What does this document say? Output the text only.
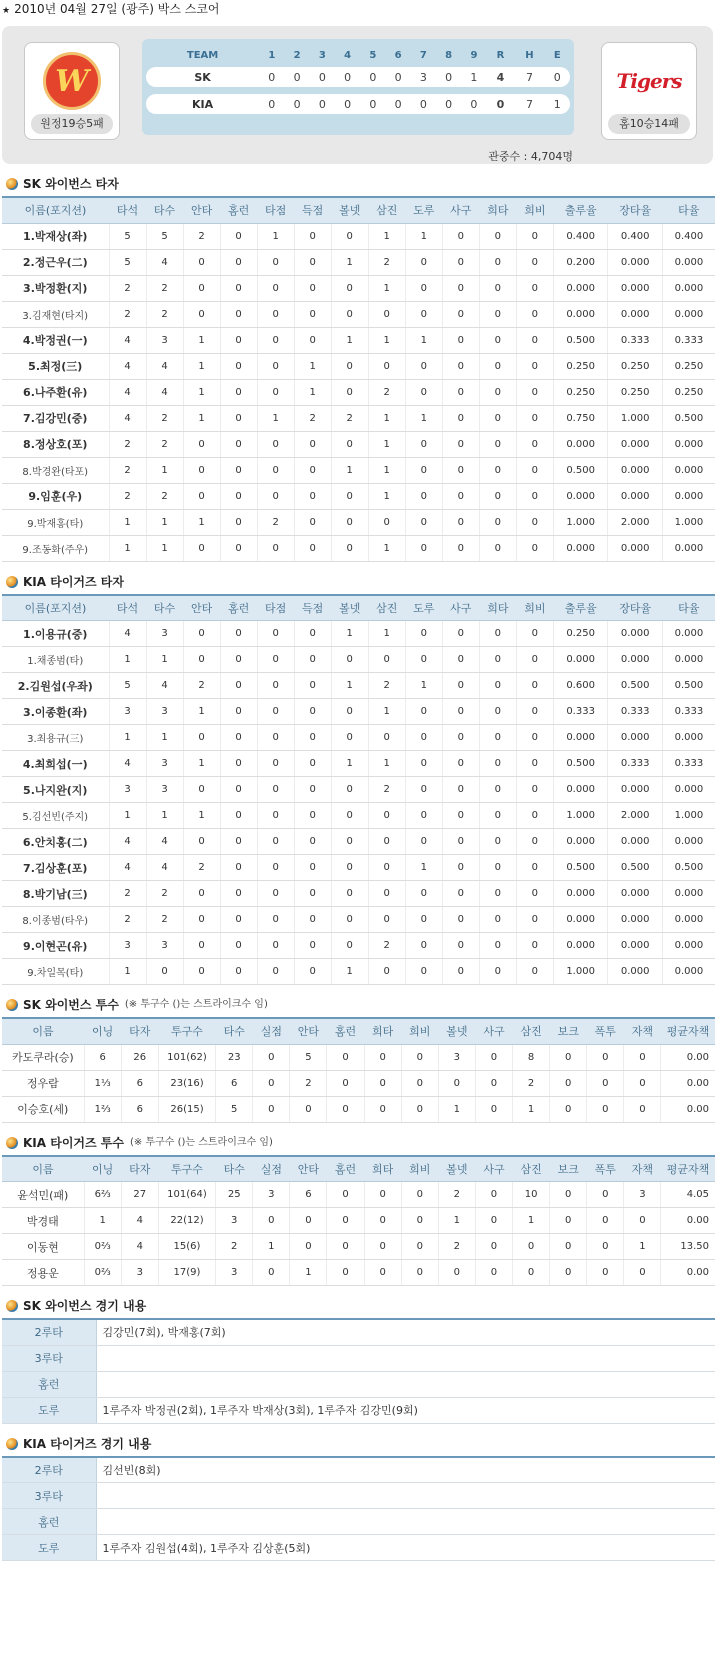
★ 2010년 04월 27일 (광주) 박스 스코어
W
원정19승5패
TEAM	1	2	3	4	5	6	7	8	9	R	H	E
SK	0	0	0	0	0	0	3	0	1	4	7	0

KIA	0	0	0	0	0	0	0	0	0	0	7	1
Tigers
홈10승14패
관중수 : 4,704명
SK 와이번스 타자
이름(포지션)	타석	타수	안타	홈런	타점	득점	볼넷	삼진	도루	사구	희타	희비	출루율	장타율	타율
1.박재상(좌)	5	5	2	0	1	0	0	1	1	0	0	0	0.400	0.400	0.400
2.정근우(二)	5	4	0	0	0	0	1	2	0	0	0	0	0.200	0.000	0.000
3.박정환(지)	2	2	0	0	0	0	0	1	0	0	0	0	0.000	0.000	0.000
3.김재현(타지)	2	2	0	0	0	0	0	0	0	0	0	0	0.000	0.000	0.000
4.박정권(一)	4	3	1	0	0	0	1	1	1	0	0	0	0.500	0.333	0.333
5.최정(三)	4	4	1	0	0	1	0	0	0	0	0	0	0.250	0.250	0.250
6.나주환(유)	4	4	1	0	0	1	0	2	0	0	0	0	0.250	0.250	0.250
7.김강민(중)	4	2	1	0	1	2	2	1	1	0	0	0	0.750	1.000	0.500
8.정상호(포)	2	2	0	0	0	0	0	1	0	0	0	0	0.000	0.000	0.000
8.박경완(타포)	2	1	0	0	0	0	1	1	0	0	0	0	0.500	0.000	0.000
9.임훈(우)	2	2	0	0	0	0	0	1	0	0	0	0	0.000	0.000	0.000
9.박재홍(타)	1	1	1	0	2	0	0	0	0	0	0	0	1.000	2.000	1.000
9.조동화(주우)	1	1	0	0	0	0	0	1	0	0	0	0	0.000	0.000	0.000
KIA 타이거즈 타자
이름(포지션)	타석	타수	안타	홈런	타점	득점	볼넷	삼진	도루	사구	희타	희비	출루율	장타율	타율
1.이용규(중)	4	3	0	0	0	0	1	1	0	0	0	0	0.250	0.000	0.000
1.채종범(타)	1	1	0	0	0	0	0	0	0	0	0	0	0.000	0.000	0.000
2.김원섭(우좌)	5	4	2	0	0	0	1	2	1	0	0	0	0.600	0.500	0.500
3.이종환(좌)	3	3	1	0	0	0	0	1	0	0	0	0	0.333	0.333	0.333
3.최용규(三)	1	1	0	0	0	0	0	0	0	0	0	0	0.000	0.000	0.000
4.최희섭(一)	4	3	1	0	0	0	1	1	0	0	0	0	0.500	0.333	0.333
5.나지완(지)	3	3	0	0	0	0	0	2	0	0	0	0	0.000	0.000	0.000
5.김선빈(주지)	1	1	1	0	0	0	0	0	0	0	0	0	1.000	2.000	1.000
6.안치홍(二)	4	4	0	0	0	0	0	0	0	0	0	0	0.000	0.000	0.000
7.김상훈(포)	4	4	2	0	0	0	0	0	1	0	0	0	0.500	0.500	0.500
8.박기남(三)	2	2	0	0	0	0	0	0	0	0	0	0	0.000	0.000	0.000
8.이종범(타우)	2	2	0	0	0	0	0	0	0	0	0	0	0.000	0.000	0.000
9.이현곤(유)	3	3	0	0	0	0	0	2	0	0	0	0	0.000	0.000	0.000
9.차일목(타)	1	0	0	0	0	0	1	0	0	0	0	0	1.000	0.000	0.000
SK 와이번스 투수 (※ 투구수 ()는 스트라이크수 임)
이름	이닝	타자	투구수	타수	실점	안타	홈런	희타	희비	볼넷	사구	삼진	보크	폭투	자책	평균자책
카도쿠라(승)	6	26	101(62)	23	0	5	0	0	0	3	0	8	0	0	0	0.00
정우람	1⅓	6	23(16)	6	0	2	0	0	0	0	0	2	0	0	0	0.00
이승호(세)	1⅔	6	26(15)	5	0	0	0	0	0	1	0	1	0	0	0	0.00
KIA 타이거즈 투수 (※ 투구수 ()는 스트라이크수 임)
이름	이닝	타자	투구수	타수	실점	안타	홈런	희타	희비	볼넷	사구	삼진	보크	폭투	자책	평균자책
윤석민(패)	6⅔	27	101(64)	25	3	6	0	0	0	2	0	10	0	0	3	4.05
박경태	1	4	22(12)	3	0	0	0	0	0	1	0	1	0	0	0	0.00
이동현	0⅔	4	15(6)	2	1	0	0	0	0	2	0	0	0	0	1	13.50
정용운	0⅔	3	17(9)	3	0	1	0	0	0	0	0	0	0	0	0	0.00
SK 와이번스 경기 내용
2루타	김강민(7회), 박재홍(7회)
3루타	
홈런	
도루	1루주자 박정권(2회), 1루주자 박재상(3회), 1루주자 김강민(9회)
KIA 타이거즈 경기 내용
2루타	김선빈(8회)
3루타	
홈런	
도루	1루주자 김원섭(4회), 1루주자 김상훈(5회)
